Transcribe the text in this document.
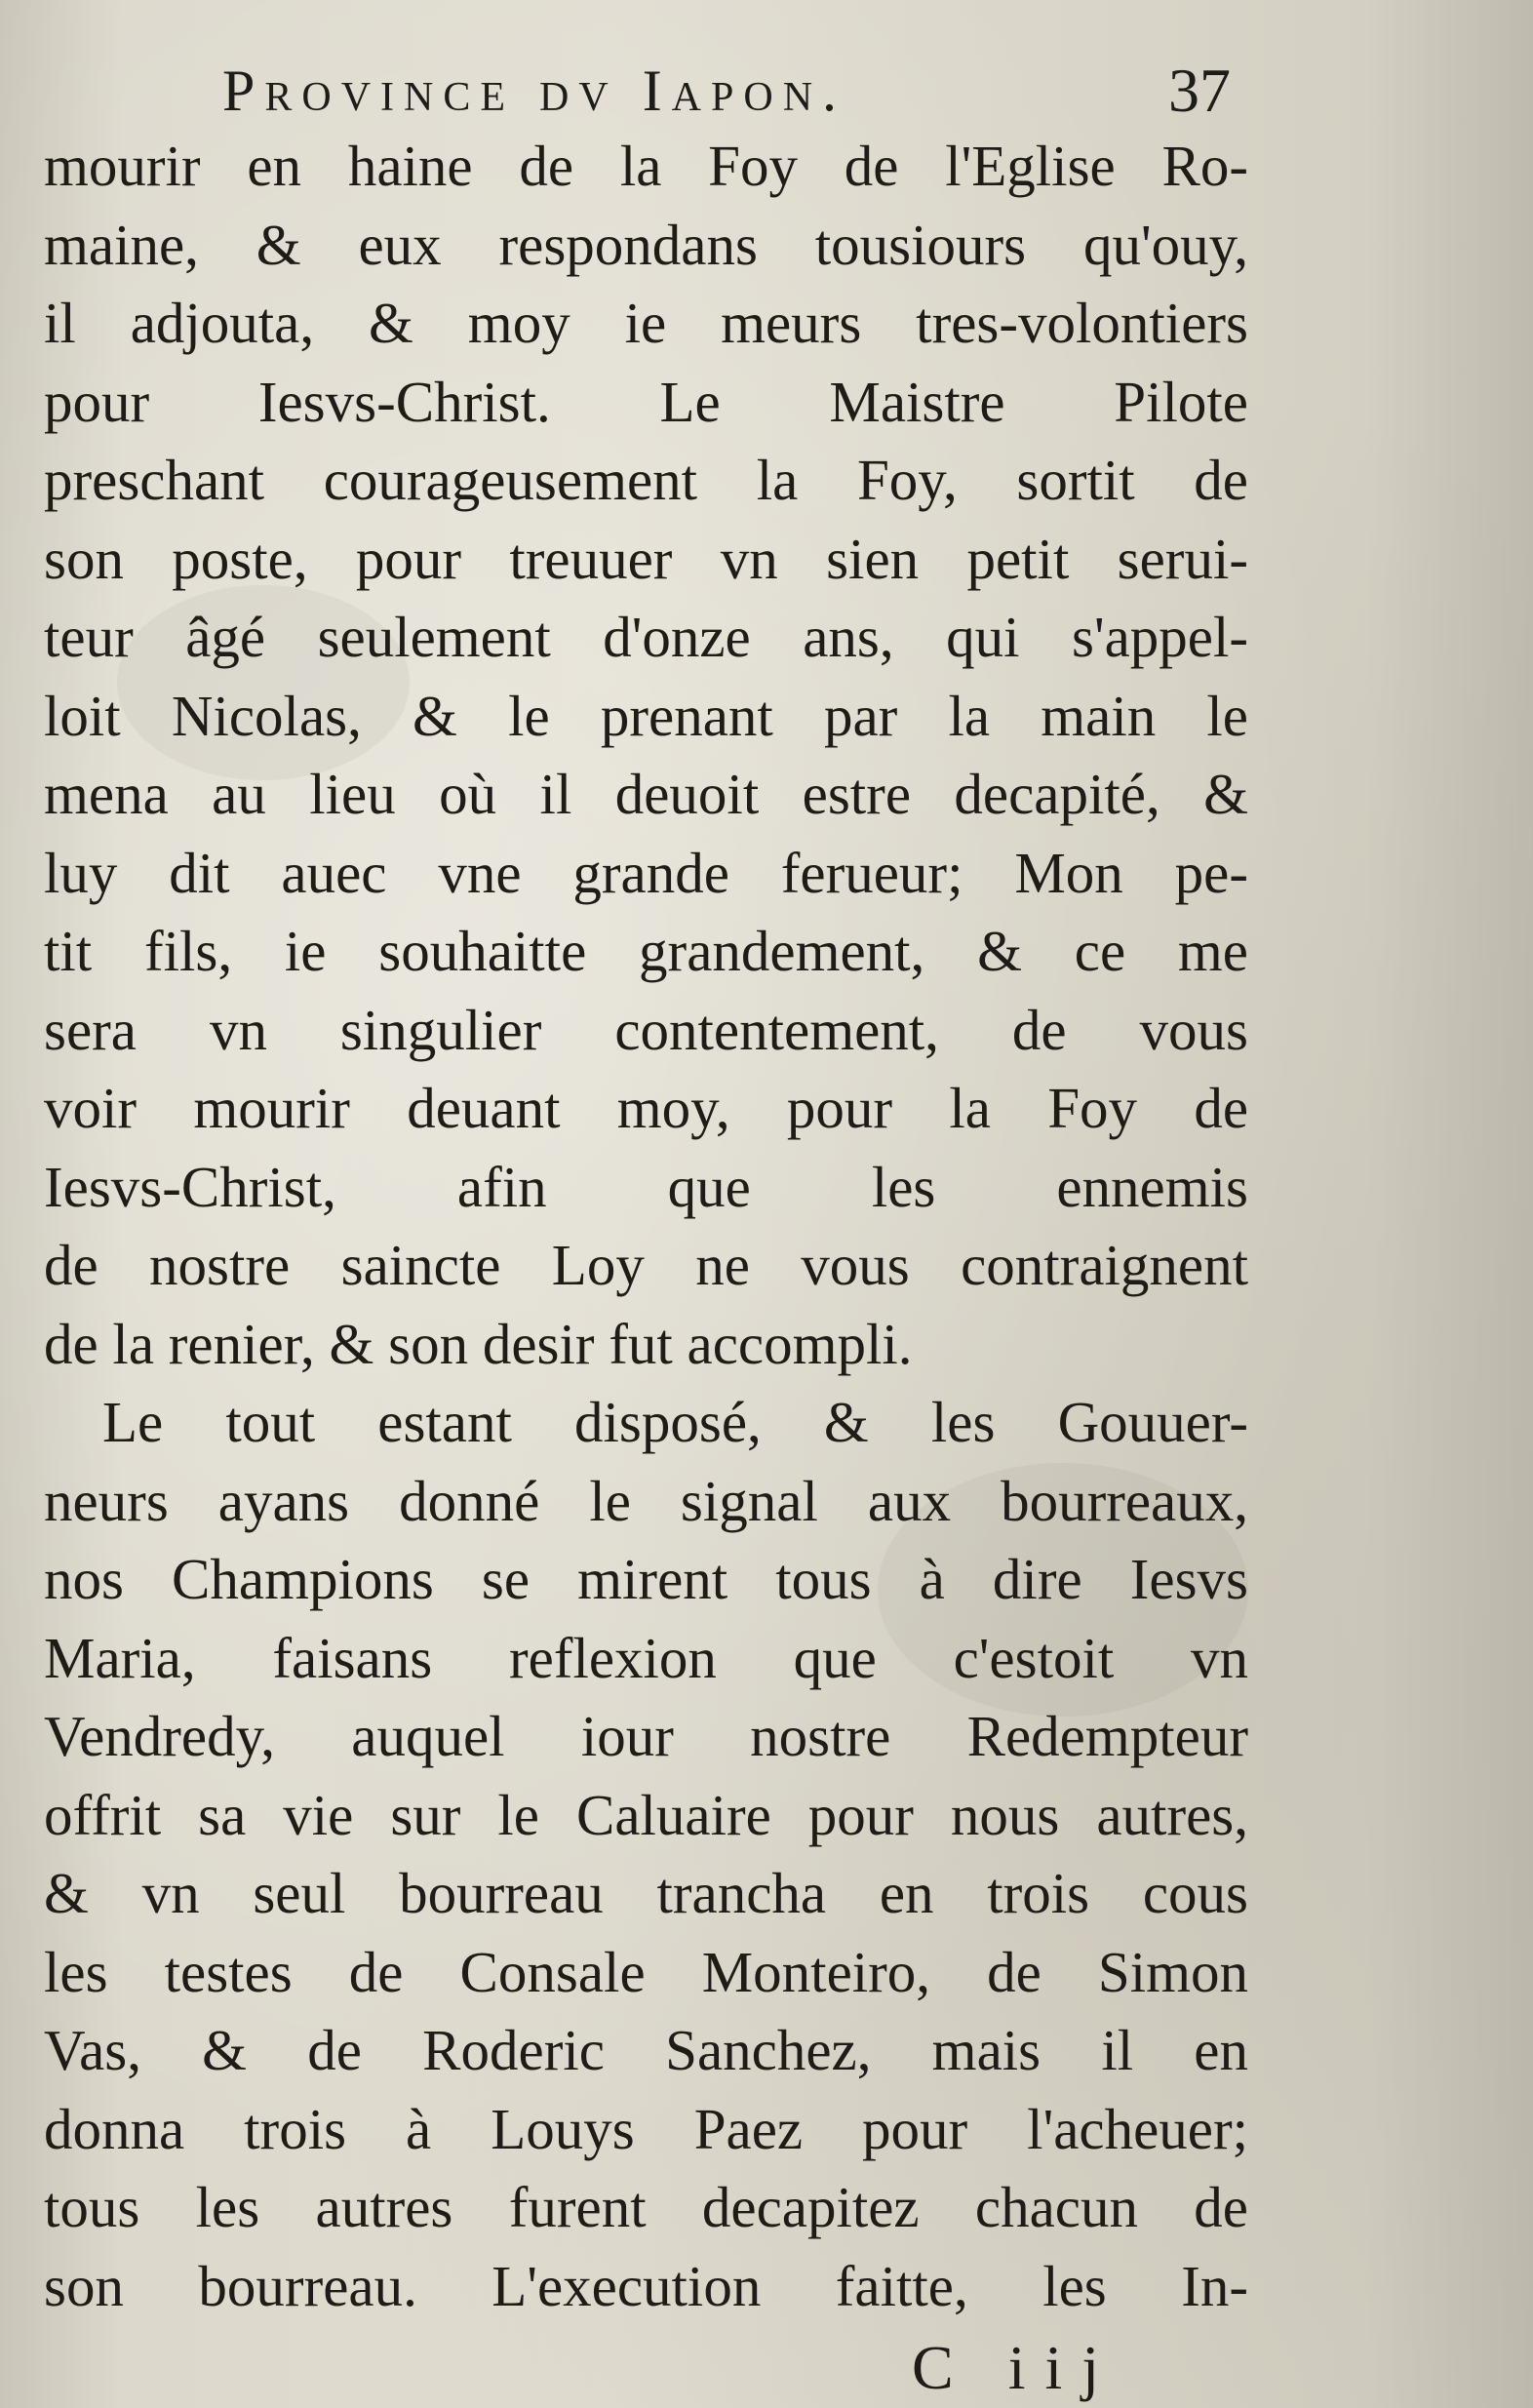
Province dv Iapon.	37
mourir en haine de la Foy de l'Eglise Ro-
maine, & eux respondans tousiours qu'ouy,
il adjouta, & moy ie meurs tres-volontiers
pour Iesvs-Christ. Le Maistre Pilote
preschant courageusement la Foy, sortit de
son poste, pour treuuer vn sien petit serui-
teur âgé seulement d'onze ans, qui s'appel-
loit Nicolas, & le prenant par la main le
mena au lieu où il deuoit estre decapité, &
luy dit auec vne grande ferueur; Mon pe-
tit fils, ie souhaitte grandement, & ce me
sera vn singulier contentement, de vous
voir mourir deuant moy, pour la Foy de
Iesvs-Christ, afin que les ennemis
de nostre saincte Loy ne vous contraignent
de la renier, & son desir fut accompli.
Le tout estant disposé, & les Gouuer-
neurs ayans donné le signal aux bourreaux,
nos Champions se mirent tous à dire Iesvs
Maria, faisans reflexion que c'estoit vn
Vendredy, auquel iour nostre Redempteur
offrit sa vie sur le Caluaire pour nous autres,
& vn seul bourreau trancha en trois cous
les testes de Consale Monteiro, de Simon
Vas, & de Roderic Sanchez, mais il en
donna trois à Louys Paez pour l'acheuer;
tous les autres furent decapitez chacun de
son bourreau. L'execution faitte, les In-
C iij
